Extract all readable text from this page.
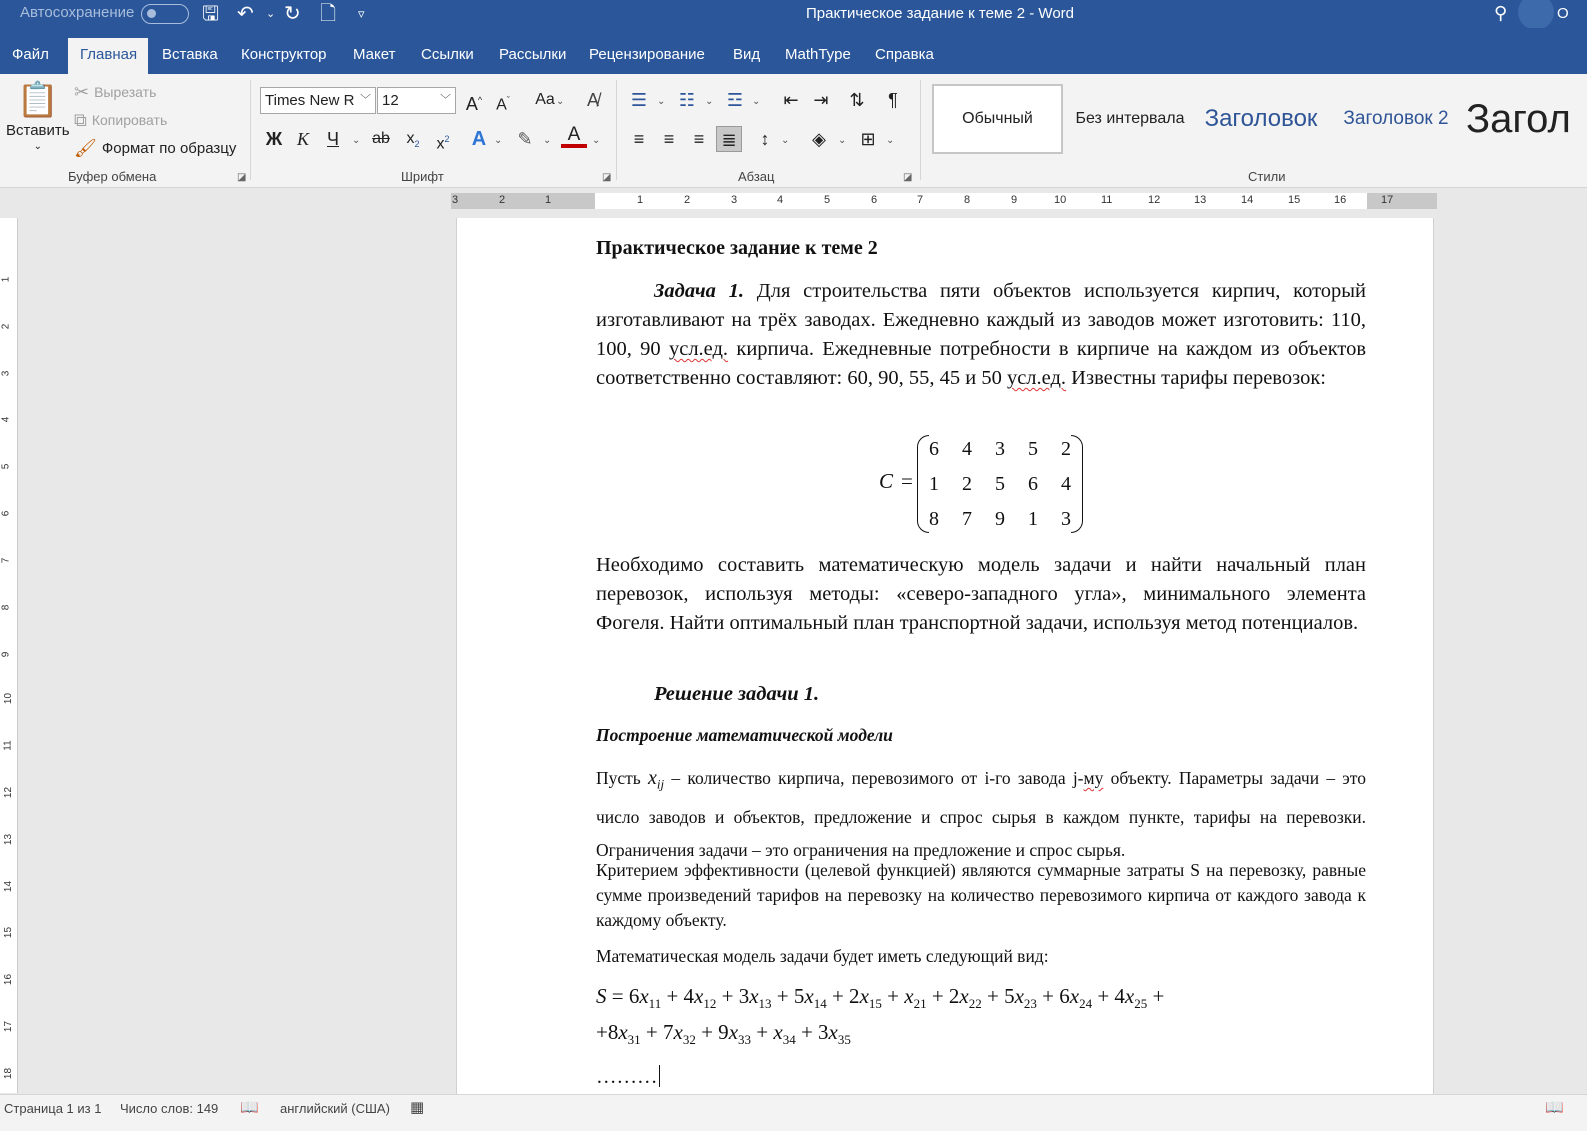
Автосохранение	🖫 ↶ ⌄ ↻ 🗋 ▿	Практическое задание к теме 2 - Word	⚲	О
Файл	Главная	Вставка	Конструктор	Макет	Ссылки	Рассылки	Рецензирование	Вид	MathType	Справка
📋
Вставить
⌄
✂ Вырезать
⧉ Копировать
🖌 Формат по образцу
Буфер обмена	◪
Times New R ﹀ 12	﹀ A^ $A^ˇ$	Aa ⌄	A̸
Ж К	Ч	⌄ ab	$x_2$	$x^2$	A ⌄ ✎	⌄ A	⌄
Шрифт	◪
☰ ⌄ ☷ ⌄ ☲ ⌄	⇤ ⇥	⇅	¶
≡	≡	≡ ≣	↕	⌄	◈	⌄ ⊞	⌄
Абзац	◪
Обычный	Без интервала Заголовок	Заголовок 2 Загол
Стили
3	2	1	1	2	3	4	5	6	7	8	9	10	11	12	13	14	15	16	17
1
2
3
4
5
6
7
8
9
10
11
12
13
14
15
16
17
18
Практическое задание к теме 2
Задача 1. Для строительства пяти объектов используется кирпич, который изготавливают на трёх заводах. Ежедневно каждый из заводов может изготовить: 110, 100, 90 усл.ед. кирпича. Ежедневные потребности в кирпиче на каждом из объектов соответственно составляют: 60, 90, 55, 45 и 50 усл.ед. Известны тарифы перевозок:
C =
6 4 3 5 2
1 2 5 6 4
8 7 9 1 3
Необходимо составить математическую модель задачи и найти начальный план перевозок, используя методы: «северо-западного угла», минимального элемента Фогеля. Найти оптимальный план транспортной задачи, используя метод потенциалов.
Решение задачи 1.
Построение математической модели
Пусть $x_{ij}$ – количество кирпича, перевозимого от i-го завода j-му объекту. Параметры задачи – это число заводов и объектов, предложение и спрос сырья в каждом пункте, тарифы на перевозки. Ограничения задачи – это ограничения на предложение и спрос сырья.
Критерием эффективности (целевой функцией) являются суммарные затраты S на перевозку, равные сумме произведений тарифов на перевозку на количество перевозимого кирпича от каждого завода к каждому объекту.
Математическая модель задачи будет иметь следующий вид:
$S = 6x_{11} + 4x_{12} + 3x_{13} + 5x_{14} + 2x_{15} + x_{21} + 2x_{22} + 5x_{23} + 6x_{24} + 4x_{25}$ +
$+8x_{31} + 7x_{32} + 9x_{33} + x_{34} + 3x_{35}$
………
Страница 1 из 1 Число слов: 149 📖 английский (США) ▦	📖
